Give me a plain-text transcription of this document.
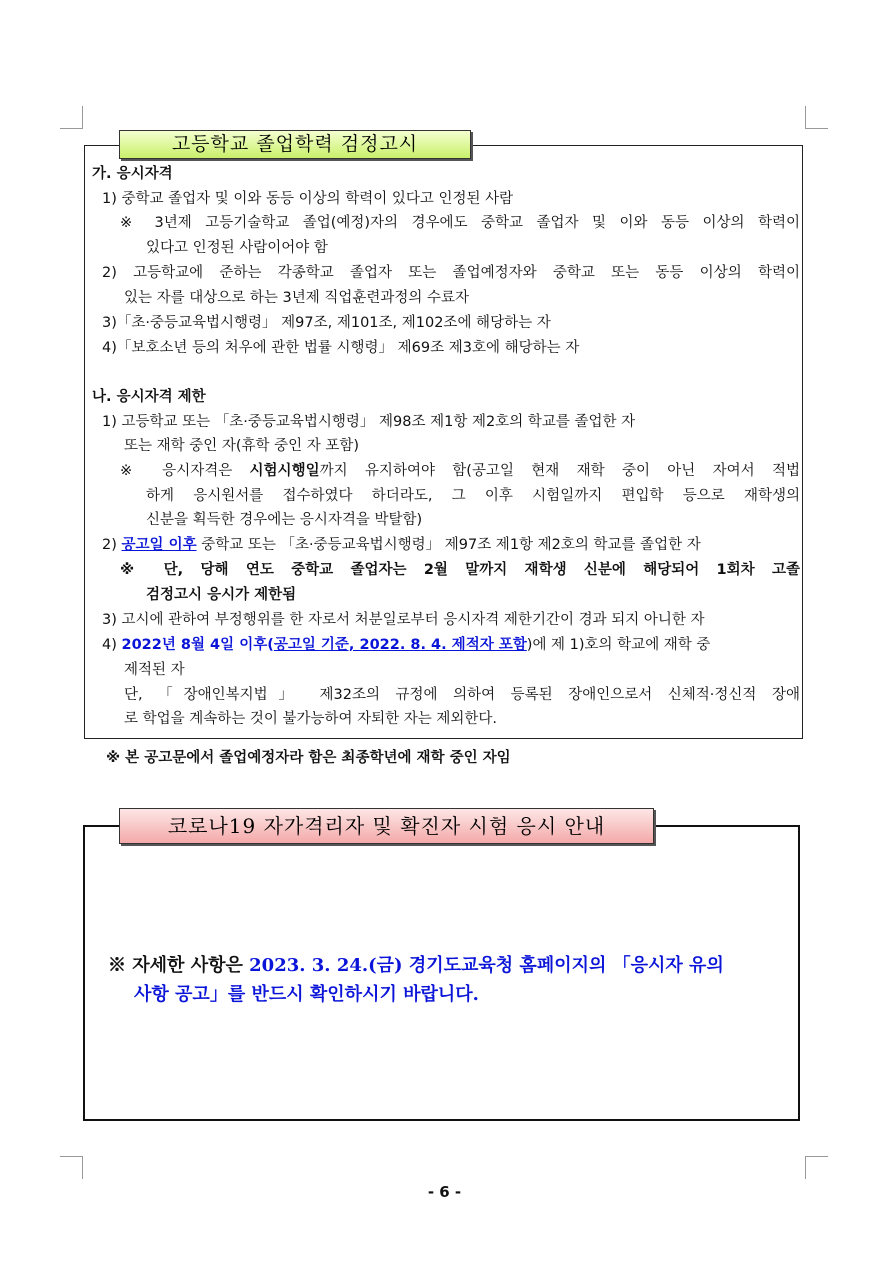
고등학교 졸업학력 검정고시
가. 응시자격
1) 중학교 졸업자 및 이와 동등 이상의 학력이 있다고 인정된 사람
※ 3년제 고등기술학교 졸업(예정)자의 경우에도 중학교 졸업자 및 이와 동등 이상의 학력이
있다고 인정된 사람이어야 함
2) 고등학교에 준하는 각종학교 졸업자 또는 졸업예정자와 중학교 또는 동등 이상의 학력이
있는 자를 대상으로 하는 3년제 직업훈련과정의 수료자
3)「초·중등교육법시행령」 제97조, 제101조, 제102조에 해당하는 자
4)「보호소년 등의 처우에 관한 법률 시행령」 제69조 제3호에 해당하는 자
나. 응시자격 제한
1) 고등학교 또는 「초·중등교육법시행령」 제98조 제1항 제2호의 학교를 졸업한 자
또는 재학 중인 자(휴학 중인 자 포함)
※ 응시자격은 시험시행일까지 유지하여야 함(공고일 현재 재학 중이 아닌 자여서 적법
하게 응시원서를 접수하였다 하더라도, 그 이후 시험일까지 편입학 등으로 재학생의
신분을 획득한 경우에는 응시자격을 박탈함)
2) 공고일 이후 중학교 또는 「초·중등교육법시행령」 제97조 제1항 제2호의 학교를 졸업한 자
※ 단, 당해 연도 중학교 졸업자는 2월 말까지 재학생 신분에 해당되어 1회차 고졸
검정고시 응시가 제한됨
3) 고시에 관하여 부정행위를 한 자로서 처분일로부터 응시자격 제한기간이 경과 되지 아니한 자
4) 2022년 8월 4일 이후(공고일 기준, 2022. 8. 4. 제적자 포함)에 제 1)호의 학교에 재학 중
제적된 자
단, 「장애인복지법」 제32조의 규정에 의하여 등록된 장애인으로서 신체적·정신적 장애
로 학업을 계속하는 것이 불가능하여 자퇴한 자는 제외한다.
※ 본 공고문에서 졸업예정자라 함은 최종학년에 재학 중인 자임
코로나19 자가격리자 및 확진자 시험 응시 안내
※ 자세한 사항은 2023. 3. 24.(금) 경기도교육청 홈페이지의 「응시자 유의
사항 공고」를 반드시 확인하시기 바랍니다.
- 6 -
